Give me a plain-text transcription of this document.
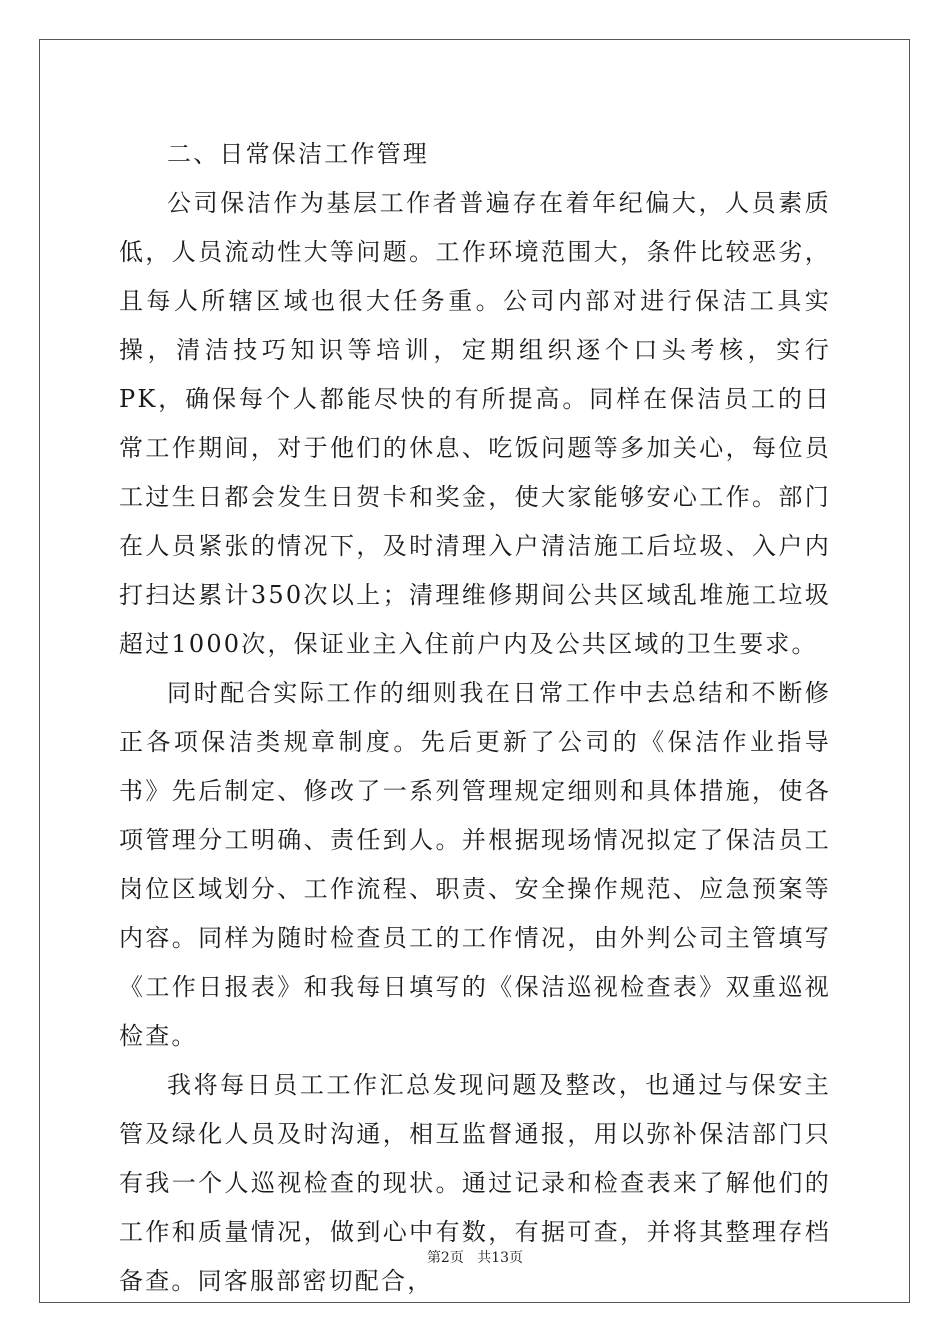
二、日常保洁工作管理

公司保洁作为基层工作者普遍存在着年纪偏大，人员素质低，人员流动性大等问题。工作环境范围大，条件比较恶劣，且每人所辖区域也很大任务重。公司内部对进行保洁工具实操，清洁技巧知识等培训，定期组织逐个口头考核，实行PK，确保每个人都能尽快的有所提高。同样在保洁员工的日常工作期间，对于他们的休息、吃饭问题等多加关心，每位员工过生日都会发生日贺卡和奖金，使大家能够安心工作。部门在人员紧张的情况下，及时清理入户清洁施工后垃圾、入户内打扫达累计350次以上；清理维修期间公共区域乱堆施工垃圾超过1000次，保证业主入住前户内及公共区域的卫生要求。

同时配合实际工作的细则我在日常工作中去总结和不断修正各项保洁类规章制度。先后更新了公司的《保洁作业指导书》先后制定、修改了一系列管理规定细则和具体措施，使各项管理分工明确、责任到人。并根据现场情况拟定了保洁员工岗位区域划分、工作流程、职责、安全操作规范、应急预案等内容。同样为随时检查员工的工作情况，由外判公司主管填写《工作日报表》和我每日填写的《保洁巡视检查表》双重巡视检查。

我将每日员工工作汇总发现问题及整改，也通过与保安主管及绿化人员及时沟通，相互监督通报，用以弥补保洁部门只有我一个人巡视检查的现状。通过记录和检查表来了解他们的工作和质量情况，做到心中有数，有据可查，并将其整理存档备查。同客服部密切配合，

第2页 共13页
